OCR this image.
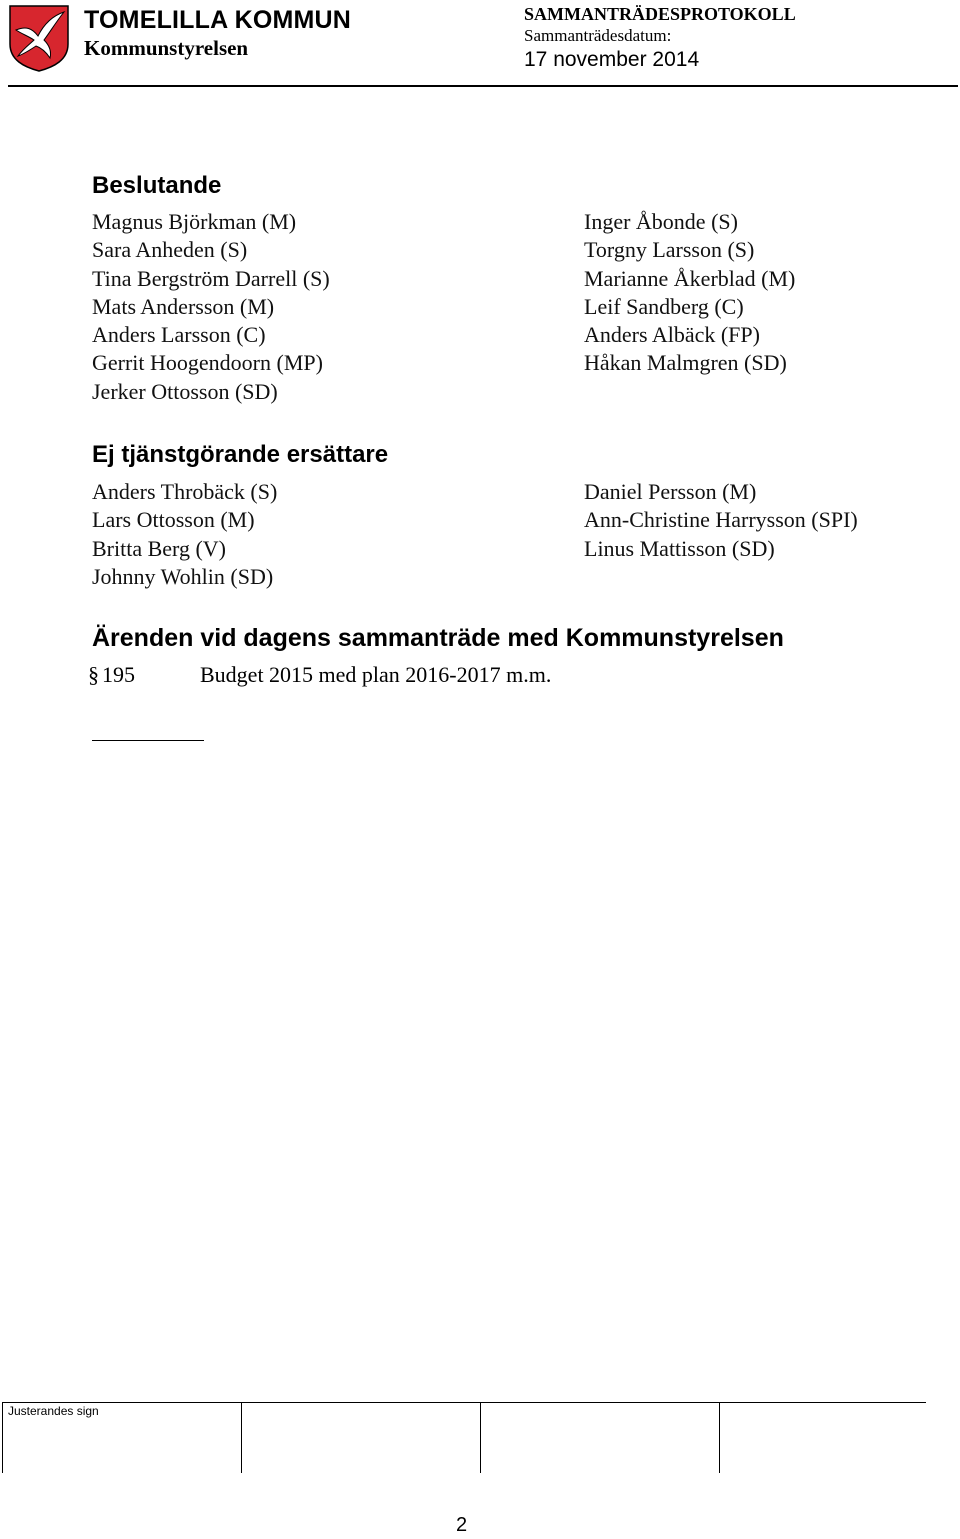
TOMELILLA KOMMUN
Kommunstyrelsen
SAMMANTRÄDESPROTOKOLL
Sammanträdesdatum:
17 november 2014
Beslutande
Magnus Björkman (M)
Sara Anheden (S)
Tina Bergström Darrell (S)
Mats Andersson (M)
Anders Larsson (C)
Gerrit Hoogendoorn (MP)
Jerker Ottosson (SD)
Inger Åbonde (S)
Torgny Larsson (S)
Marianne Åkerblad (M)
Leif Sandberg (C)
Anders Albäck (FP)
Håkan Malmgren (SD)
Ej tjänstgörande ersättare
Anders Throbäck (S)
Lars Ottosson (M)
Britta Berg (V)
Johnny Wohlin (SD)
Daniel Persson (M)
Ann-Christine Harrysson (SPI)
Linus Mattisson (SD)
Ärenden vid dagens sammanträde med Kommunstyrelsen
§ 195	Budget 2015 med plan 2016-2017 m.m.
Justerandes sign
2
